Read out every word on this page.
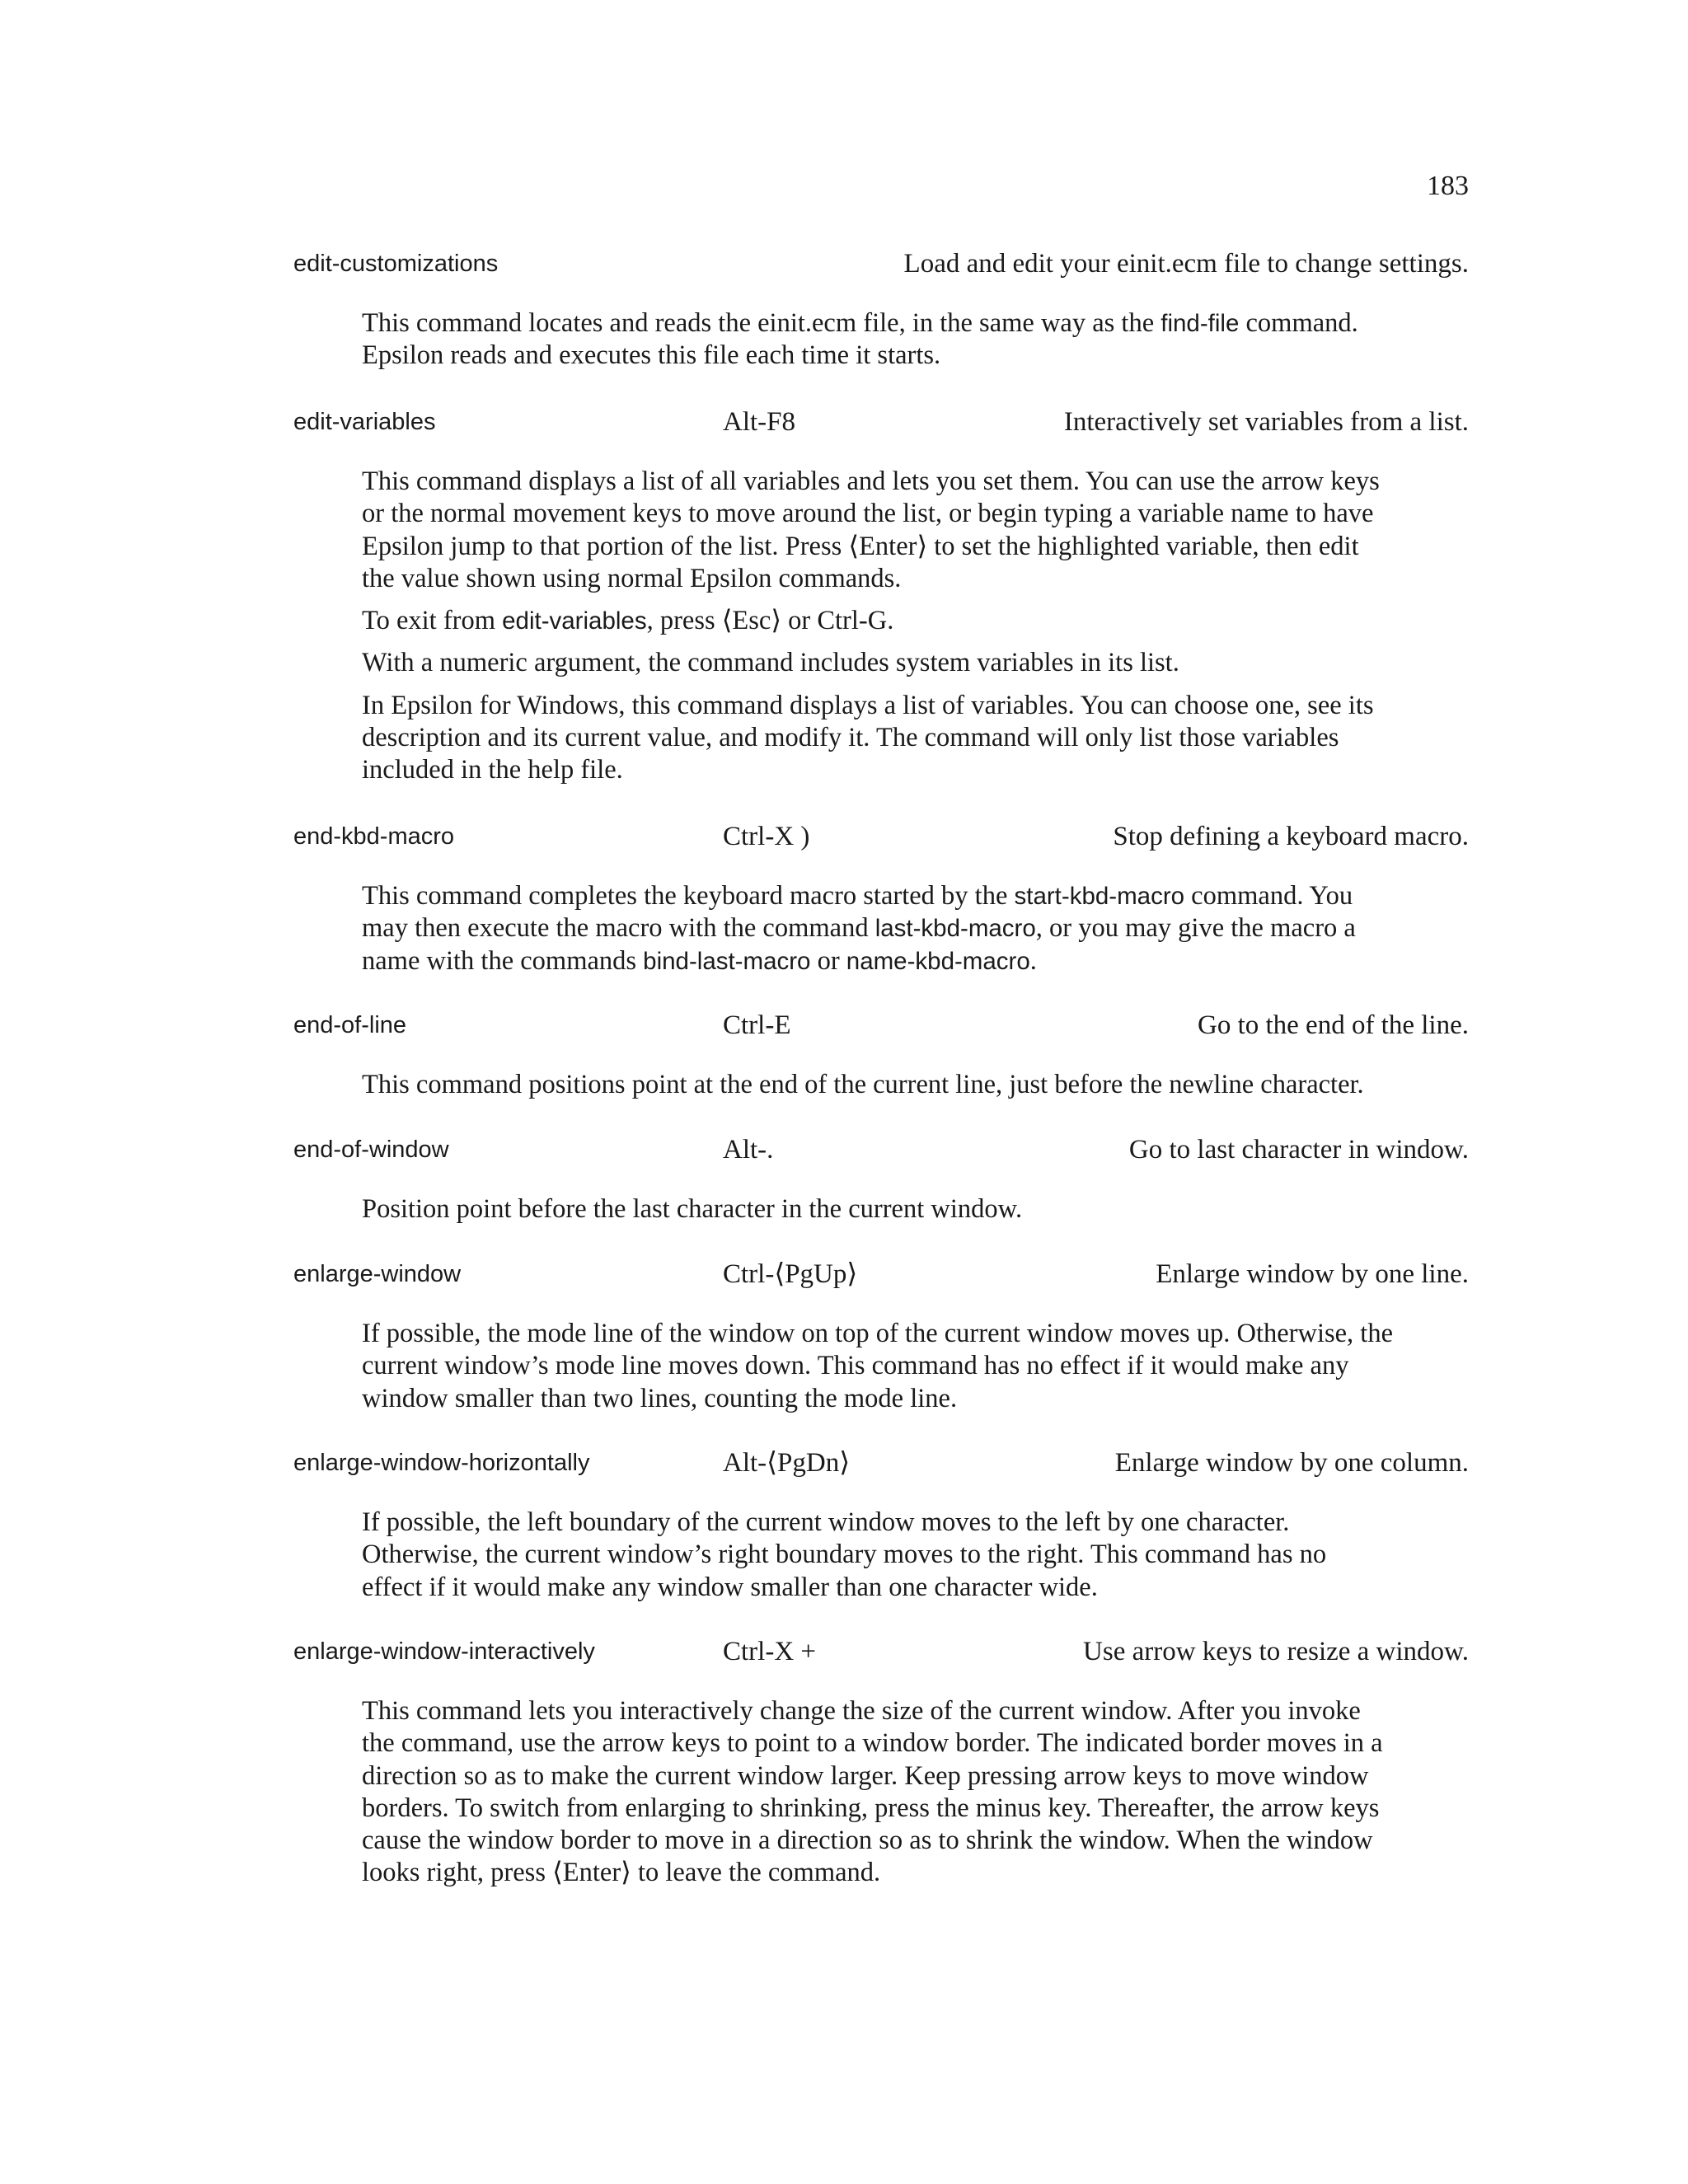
183
edit-customizations	Load and edit your einit.ecm file to change settings.

This command locates and reads the einit.ecm file, in the same way as the find-file command.
Epsilon reads and executes this file each time it starts.

edit-variables	Alt-F8	Interactively set variables from a list.

This command displays a list of all variables and lets you set them. You can use the arrow keys
or the normal movement keys to move around the list, or begin typing a variable name to have
Epsilon jump to that portion of the list. Press ⟨Enter⟩ to set the highlighted variable, then edit
the value shown using normal Epsilon commands.

To exit from edit-variables, press ⟨Esc⟩ or Ctrl-G.

With a numeric argument, the command includes system variables in its list.

In Epsilon for Windows, this command displays a list of variables. You can choose one, see its
description and its current value, and modify it. The command will only list those variables
included in the help file.

end-kbd-macro	Ctrl-X )	Stop defining a keyboard macro.

This command completes the keyboard macro started by the start-kbd-macro command. You
may then execute the macro with the command last-kbd-macro, or you may give the macro a
name with the commands bind-last-macro or name-kbd-macro.

end-of-line	Ctrl-E	Go to the end of the line.

This command positions point at the end of the current line, just before the newline character.

end-of-window	Alt-.	Go to last character in window.

Position point before the last character in the current window.

enlarge-window	Ctrl-⟨PgUp⟩	Enlarge window by one line.

If possible, the mode line of the window on top of the current window moves up. Otherwise, the
current window’s mode line moves down. This command has no effect if it would make any
window smaller than two lines, counting the mode line.

enlarge-window-horizontally	Alt-⟨PgDn⟩	Enlarge window by one column.

If possible, the left boundary of the current window moves to the left by one character.
Otherwise, the current window’s right boundary moves to the right. This command has no
effect if it would make any window smaller than one character wide.

enlarge-window-interactively	Ctrl-X +	Use arrow keys to resize a window.

This command lets you interactively change the size of the current window. After you invoke
the command, use the arrow keys to point to a window border. The indicated border moves in a
direction so as to make the current window larger. Keep pressing arrow keys to move window
borders. To switch from enlarging to shrinking, press the minus key. Thereafter, the arrow keys
cause the window border to move in a direction so as to shrink the window. When the window
looks right, press ⟨Enter⟩ to leave the command.
